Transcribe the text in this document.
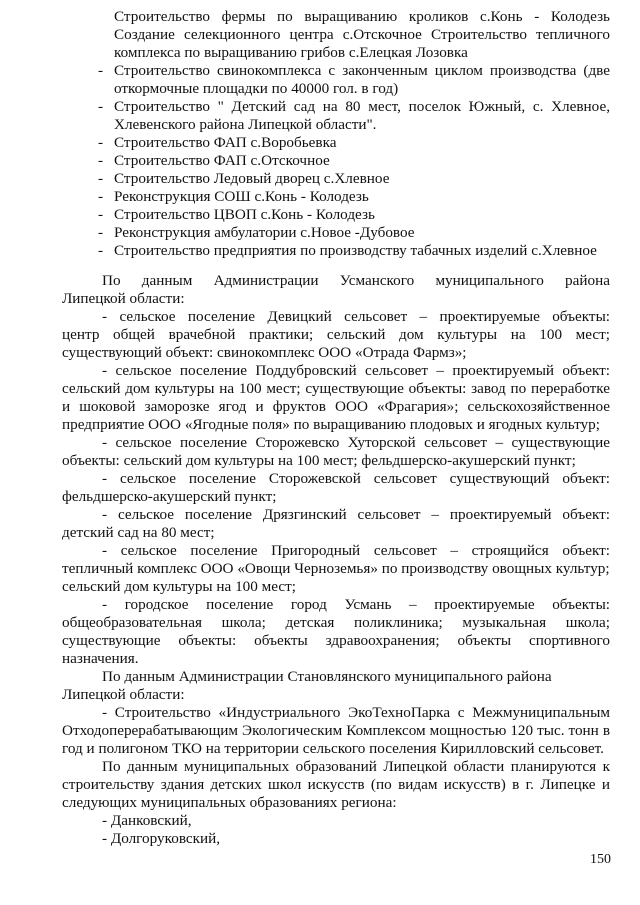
Строительство фермы по выращиванию кроликов с.Конь - Колодезь
Создание селекционного центра с.Отскочное Строительство тепличного
комплекса по выращиванию грибов с.Елецкая Лозовка
- Строительство свинокомплекса с законченным циклом производства (две
откормочные площадки по 40000 гол. в год)
- Строительство " Детский сад на 80 мест, поселок Южный, с. Хлевное,
Хлевенского района Липецкой области".
- Строительство ФАП с.Воробьевка
- Строительство ФАП с.Отскочное
- Строительство Ледовый дворец с.Хлевное
- Реконструкция СОШ с.Конь - Колодезь
- Строительство ЦВОП с.Конь - Колодезь
- Реконструкция амбулатории с.Новое -Дубовое
- Строительство предприятия по производству табачных изделий с.Хлевное
По данным Администрации Усманского муниципального района
Липецкой области:
- сельское поселение Девицкий сельсовет – проектируемые объекты:
центр общей врачебной практики; сельский дом культуры на 100 мест;
существующий объект: свинокомплекс ООО «Отрада Фармз»;
- сельское поселение Поддубровский сельсовет – проектируемый объект:
сельский дом культуры на 100 мест; существующие объекты: завод по переработке
и шоковой заморозке ягод и фруктов ООО «Фрагария»; сельскохозяйственное
предприятие ООО «Ягодные поля» по выращиванию плодовых и ягодных культур;
- сельское поселение Сторожевско Хуторской сельсовет – существующие
объекты: сельский дом культуры на 100 мест; фельдшерско-акушерский пункт;
- сельское поселение Сторожевской сельсовет существующий объект:
фельдшерско-акушерский пункт;
- сельское поселение Дрязгинский сельсовет – проектируемый объект:
детский сад на 80 мест;
- сельское поселение Пригородный сельсовет – строящийся объект:
тепличный комплекс ООО «Овощи Черноземья» по производству овощных культур;
сельский дом культуры на 100 мест;
- городское поселение город Усмань – проектируемые объекты:
общеобразовательная школа; детская поликлиника; музыкальная школа;
существующие объекты: объекты здравоохранения; объекты спортивного
назначения.
По данным Администрации Становлянского муниципального района
Липецкой области:
- Строительство «Индустриального ЭкоТехноПарка с Межмуниципальным
Отходоперерабатывающим Экологическим Комплексом мощностью 120 тыс. тонн в
год и полигоном ТКО на территории сельского поселения Кирилловский сельсовет.
По данным муниципальных образований Липецкой области планируются к
строительству здания детских школ искусств (по видам искусств) в г. Липецке и
следующих муниципальных образованиях региона:
- Данковский,
- Долгоруковский,
150
